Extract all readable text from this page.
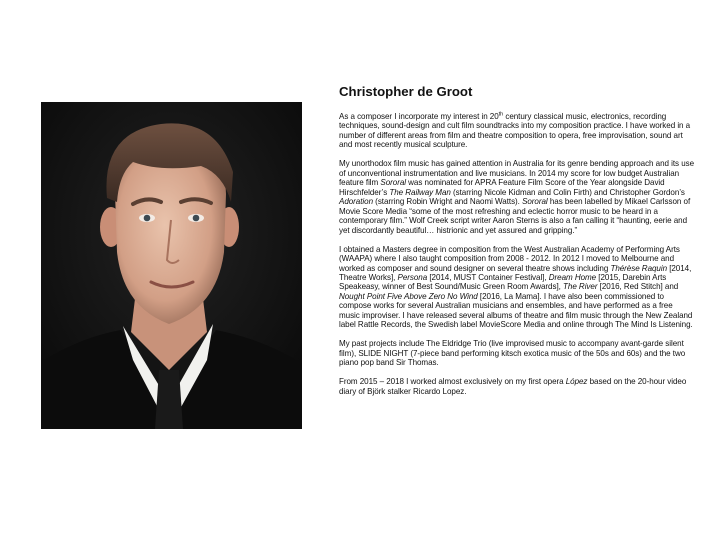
Christopher de Groot

As a composer I incorporate my interest in 20th century classical music, electronics, recording techniques, sound-design and cult film soundtracks into my composition practice. I have worked in a number of different areas from film and theatre composition to opera, free improvisation, sound art and most recently musical sculpture.

My unorthodox film music has gained attention in Australia for its genre bending approach and its use of unconventional instrumentation and live musicians. In 2014 my score for low budget Australian feature film Sororal was nominated for APRA Feature Film Score of the Year alongside David Hirschfelder’s The Railway Man (starring Nicole Kidman and Colin Firth) and Christopher Gordon’s Adoration (starring Robin Wright and Naomi Watts). Sororal has been labelled by Mikael Carlsson of Movie Score Media “some of the most refreshing and eclectic horror music to be heard in a contemporary film.” Wolf Creek script writer Aaron Sterns is also a fan calling it “haunting, eerie and yet discordantly beautiful… histrionic and yet assured and gripping.”

I obtained a Masters degree in composition from the West Australian Academy of Performing Arts (WAAPA) where I also taught composition from 2008 - 2012. In 2012 I moved to Melbourne and worked as composer and sound designer on several theatre shows including Thérèse Raquin [2014, Theatre Works], Persona [2014, MUST Container Festival], Dream Home [2015, Darebin Arts Speakeasy, winner of Best Sound/Music Green Room Awards], The River [2016, Red Stitch] and Nought Point Five Above Zero No Wind [2016, La Mama]. I have also been commissioned to compose works for several Australian musicians and ensembles, and have performed as a free music improviser. I have released several albums of theatre and film music through the New Zealand label Rattle Records, the Swedish label MovieScore Media and online through The Mind Is Listening.

My past projects include The Eldridge Trio (live improvised music to accompany avant-garde silent film), SLIDE NIGHT (7-piece band performing kitsch exotica music of the 50s and 60s) and the two piano pop band Sir Thomas.

From 2015 – 2018 I worked almost exclusively on my first opera López based on the 20-hour video diary of Björk stalker Ricardo Lopez.
